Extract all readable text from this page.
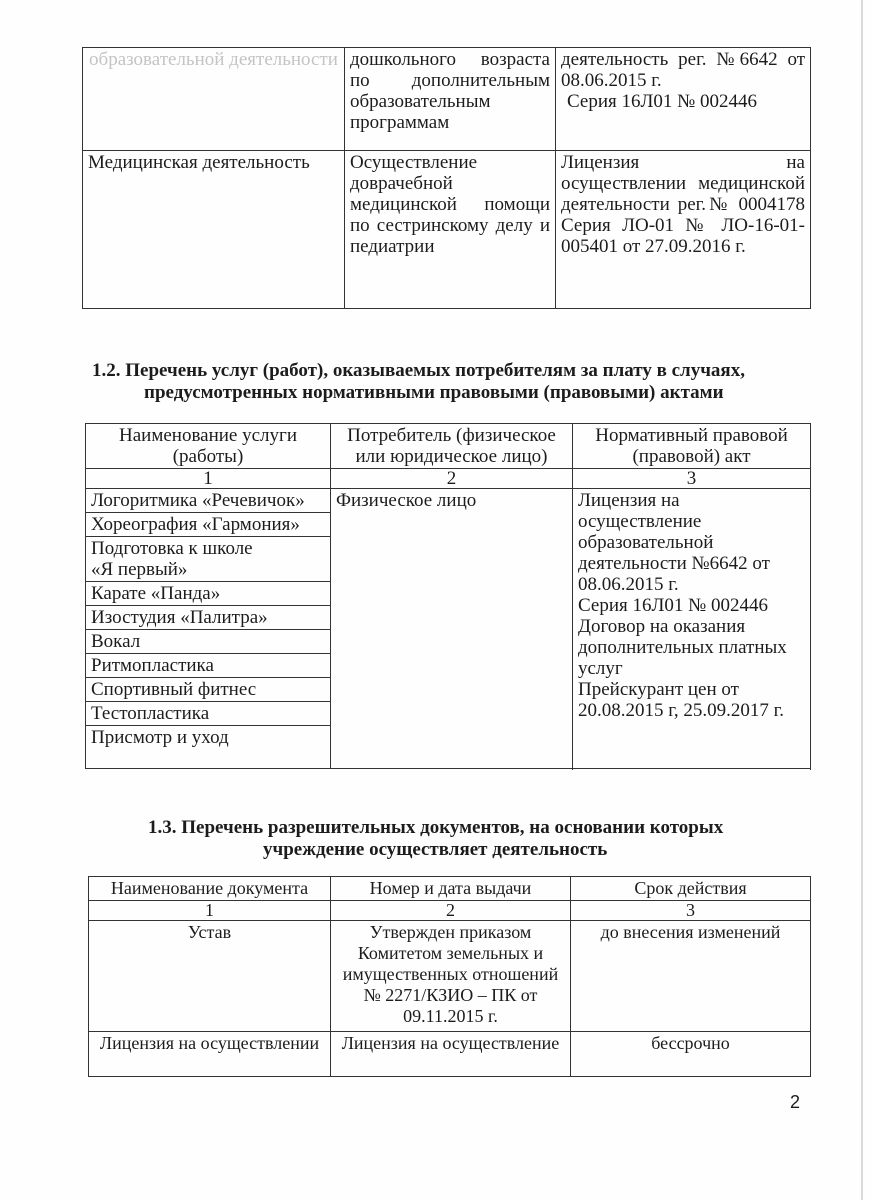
образовательной деятельности	дошкольного возраста по дополнительным образовательным программам	деятельность рег. №6642 от 08.06.2015 г.
Серия 16Л01 № 002446

Медицинская деятельность	Осуществление доврачебной медицинской помощи по сестринскому делу и педиатрии	Лицензия на
осуществлении медицинской деятельности рег.№ 0004178 Серия ЛО-01 № ЛО-16-01-005401 от 27.09.2016 г.
1.2. Перечень услуг (работ), оказываемых потребителям за плату в случаях,
предусмотренных нормативными правовыми (правовыми) актами
Наименование услуги (работы)	Потребитель (физическое или юридическое лицо)	Нормативный правовой (правовой) акт
1	2	3
Логоритмика «Речевичок»	Физическое лицо	Лицензия на осуществление образовательной деятельности №6642 от 08.06.2015 г.
Серия 16Л01 № 002446
Договор на оказания дополнительных платных услуг
Прейскурант цен от 20.08.2015 г, 25.09.2017 г.

Хореография «Гармония»		

Подготовка к школе
«Я первый»		

Карате «Панда»		
Изостудия «Палитра»		
Вокал		
Ритмопластика		
Спортивный фитнес		
Тестопластика		
Присмотр и уход		

1.3. Перечень разрешительных документов, на основании которых
учреждение осуществляет деятельность
Наименование документа	Номер и дата выдачи	Срок действия
1	2	3
Устав	Утвержден приказом Комитетом земельных и имущественных отношений № 2271/КЗИО – ПК от 09.11.2015 г.	до внесения изменений
Лицензия на осуществлении	Лицензия на осуществление	бессрочно
2
